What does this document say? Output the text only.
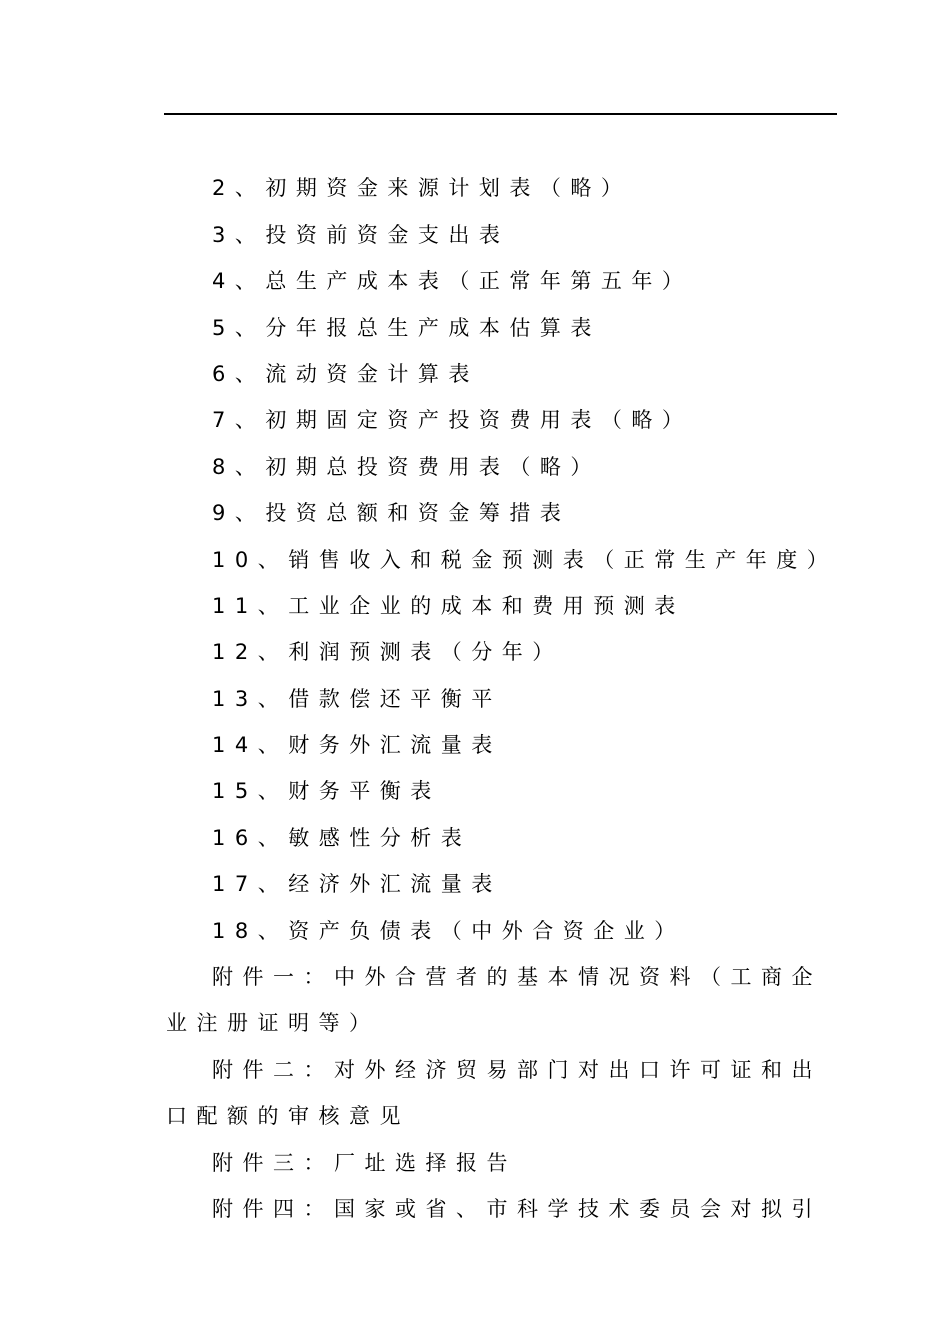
2、初期资金来源计划表（略）
3、投资前资金支出表
4、总生产成本表（正常年第五年）
5、分年报总生产成本估算表
6、流动资金计算表
7、初期固定资产投资费用表（略）
8、初期总投资费用表（略）
9、投资总额和资金筹措表
10、销售收入和税金预测表（正常生产年度）
11、工业企业的成本和费用预测表
12、利润预测表（分年）
13、借款偿还平衡平
14、财务外汇流量表
15、财务平衡表
16、敏感性分析表
17、经济外汇流量表
18、资产负债表（中外合资企业）
附件一：中外合营者的基本情况资料（工商企
业注册证明等）
附件二：对外经济贸易部门对出口许可证和出
口配额的审核意见
附件三：厂址选择报告
附件四：国家或省、市科学技术委员会对拟引
